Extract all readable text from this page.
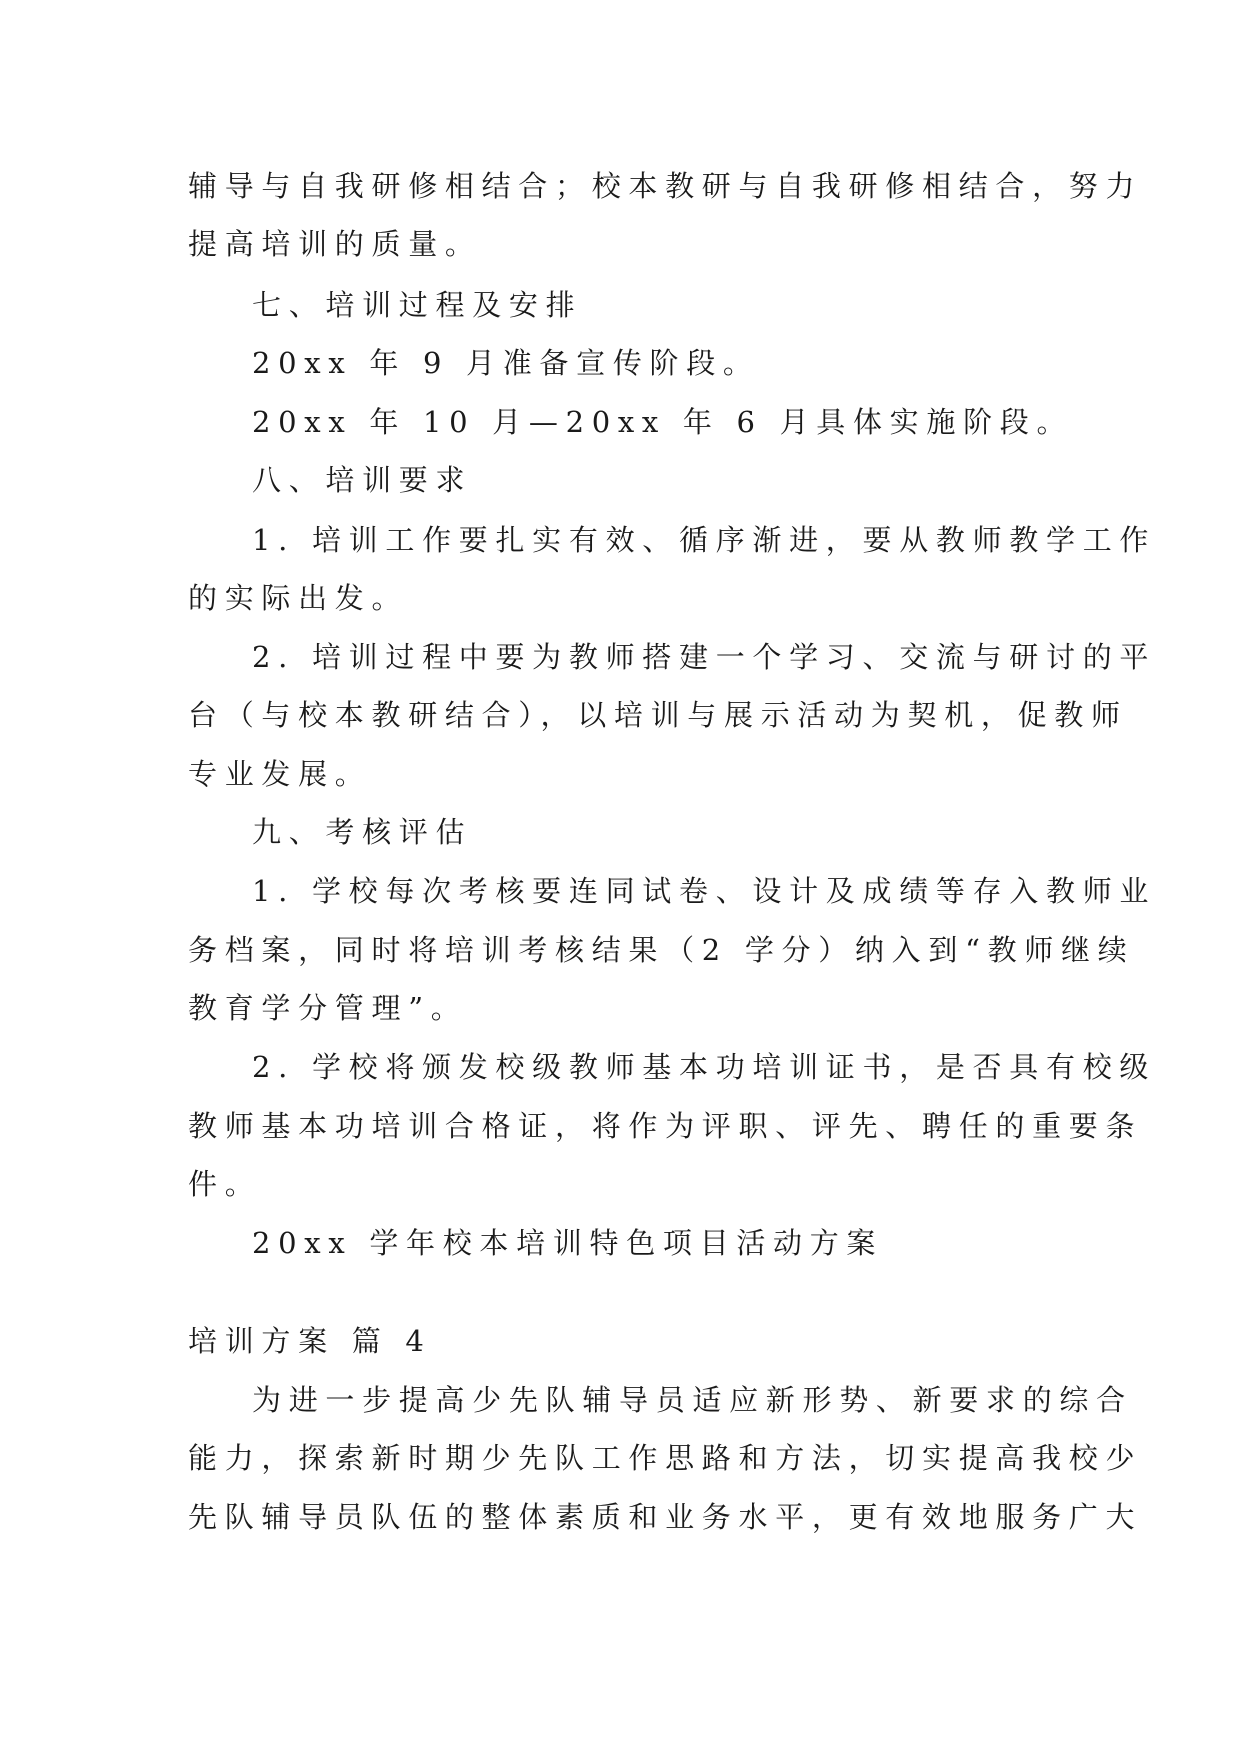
辅导与自我研修相结合；校本教研与自我研修相结合，努力
提高培训的质量。
七、培训过程及安排
20xx 年 9 月准备宣传阶段。
20xx 年 10 月—20xx 年 6 月具体实施阶段。
八、培训要求
1. 培训工作要扎实有效、循序渐进，要从教师教学工作
的实际出发。
2. 培训过程中要为教师搭建一个学习、交流与研讨的平
台（与校本教研结合），以培训与展示活动为契机，促教师
专业发展。
九、考核评估
1. 学校每次考核要连同试卷、设计及成绩等存入教师业
务档案，同时将培训考核结果（2 学分）纳入到“教师继续
教育学分管理”。
2. 学校将颁发校级教师基本功培训证书，是否具有校级
教师基本功培训合格证，将作为评职、评先、聘任的重要条
件。
20xx 学年校本培训特色项目活动方案
培训方案 篇 4
为进一步提高少先队辅导员适应新形势、新要求的综合
能力，探索新时期少先队工作思路和方法，切实提高我校少
先队辅导员队伍的整体素质和业务水平，更有效地服务广大
